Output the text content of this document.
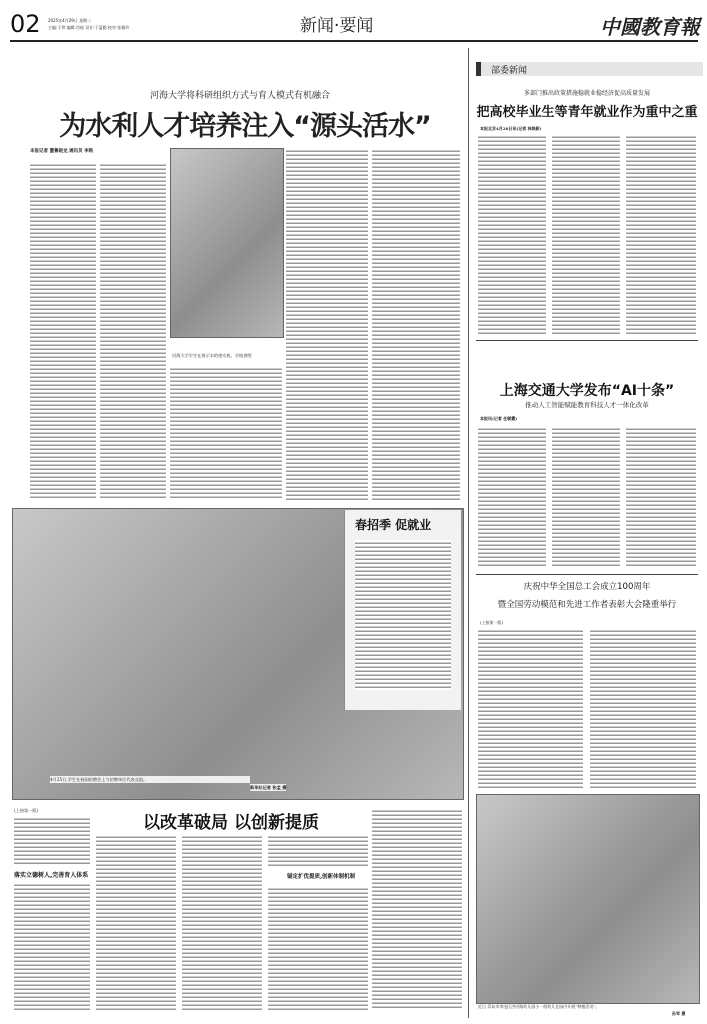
02 2025年4月29日 星期二
主编:于珍 编辑:肖桂 设计:于蓝勤 校对:张雅玲	新闻·要闻	中國教育報
河海大学将科研组织方式与育人模式有机融合
为水利人才培养注入“源头活水”
本报记者 董鲁皖龙 通讯员 李轶
河海大学学生在展示水的密实机。学校供图
部委新闻
多部门推出政策措施稳就业稳经济促高质量发展
把高校毕业生等青年就业作为重中之重
本报北京4月28日讯(记者 林焕新)
上海交通大学发布“AI十条”
推动人工智能赋能教育科技人才一体化改革
本报讯(记者 任朝霞)
庆祝中华全国总工会成立100周年
暨全国劳动模范和先进工作者表彰大会隆重举行
(上接第一版)
近日,青岛市李沧区洪河路幼儿园小一班幼儿在园内开展“种植活动”。
孙军 摄
春招季 促就业
4月25日,学生在校园招聘会上与招聘单位代表交流。
新华社记者 张孟 摄
(上接第一版)
落实立德树人,完善育人体系
以改革破局 以创新提质
锚定扩优提质,创新体制机制
